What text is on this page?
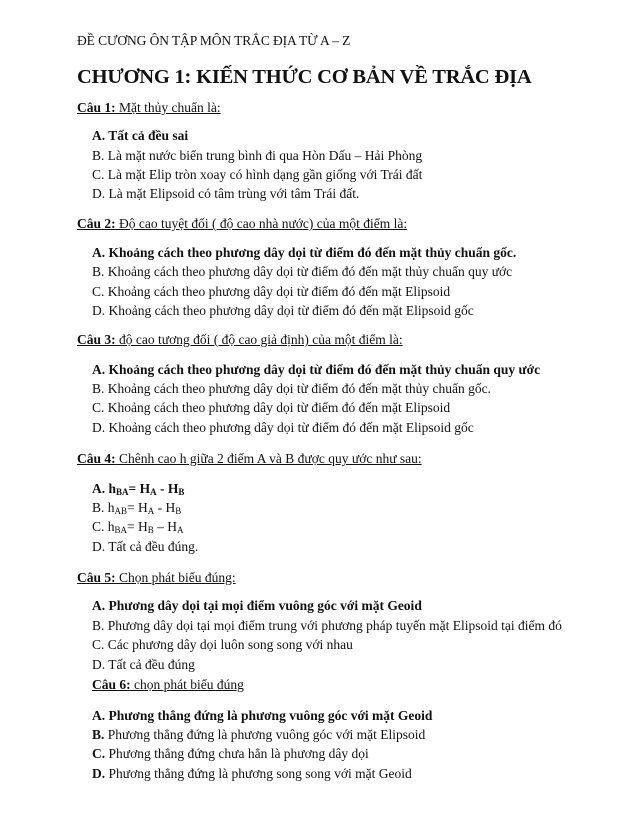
ĐỀ CƯƠNG ÔN TẬP MÔN TRẮC ĐỊA TỪ A – Z
CHƯƠNG 1: KIẾN THỨC CƠ BẢN VỀ TRẮC ĐỊA
Câu 1: Mặt thủy chuẩn là:
A. Tất cả đều sai
B. Là mặt nước biển trung bình đi qua Hòn Dấu – Hải Phòng
C. Là mặt Elip tròn xoay có hình dạng gần giống với Trái đất
D. Là mặt Elipsoid có tâm trùng với tâm Trái đất.
Câu 2: Độ cao tuyệt đối ( độ cao nhà nước) của một điểm là:
A. Khoảng cách theo phương dây dọi từ điểm đó đến mặt thủy chuẩn gốc.
B. Khoảng cách theo phương dây dọi từ điểm đó đến mặt thủy chuẩn quy ước
C. Khoảng cách theo phương dây dọi từ điểm đó đến mặt Elipsoid
D. Khoảng cách theo phương dây dọi từ điểm đó đến mặt Elipsoid gốc
Câu 3: độ cao tương đối ( độ cao giả định) của một điểm là:
A. Khoảng cách theo phương dây dọi từ điểm đó đến mặt thủy chuẩn quy ước
B. Khoảng cách theo phương dây dọi từ điểm đó đến mặt thủy chuẩn gốc.
C. Khoảng cách theo phương dây dọi từ điểm đó đến mặt Elipsoid
D. Khoảng cách theo phương dây dọi từ điểm đó đến mặt Elipsoid gốc
Câu 4: Chênh cao h giữa 2 điểm A và B được quy ước như sau:
A. $h_{BA}= H_A - H_B$
B. $h_{AB}= H_A - H_B$
C. $h_{BA}= H_B - H_A$
D. Tất cả đều đúng.
Câu 5: Chọn phát biểu đúng:
A. Phương dây dọi tại mọi điểm vuông góc với mặt Geoid
B. Phương dây dọi tại mọi điểm trung với phương pháp tuyến mặt Elipsoid tại điểm đó
C. Các phương dây dọi luôn song song với nhau
D. Tất cả đều đúng
Câu 6: chọn phát biểu đúng
A. Phương thẳng đứng là phương vuông góc với mặt Geoid
B. Phương thẳng đứng là phương vuông góc với mặt Elipsoid
C. Phương thẳng đứng chưa hẳn là phương dây dọi
D. Phương thẳng đứng là phương song song với mặt Geoid
